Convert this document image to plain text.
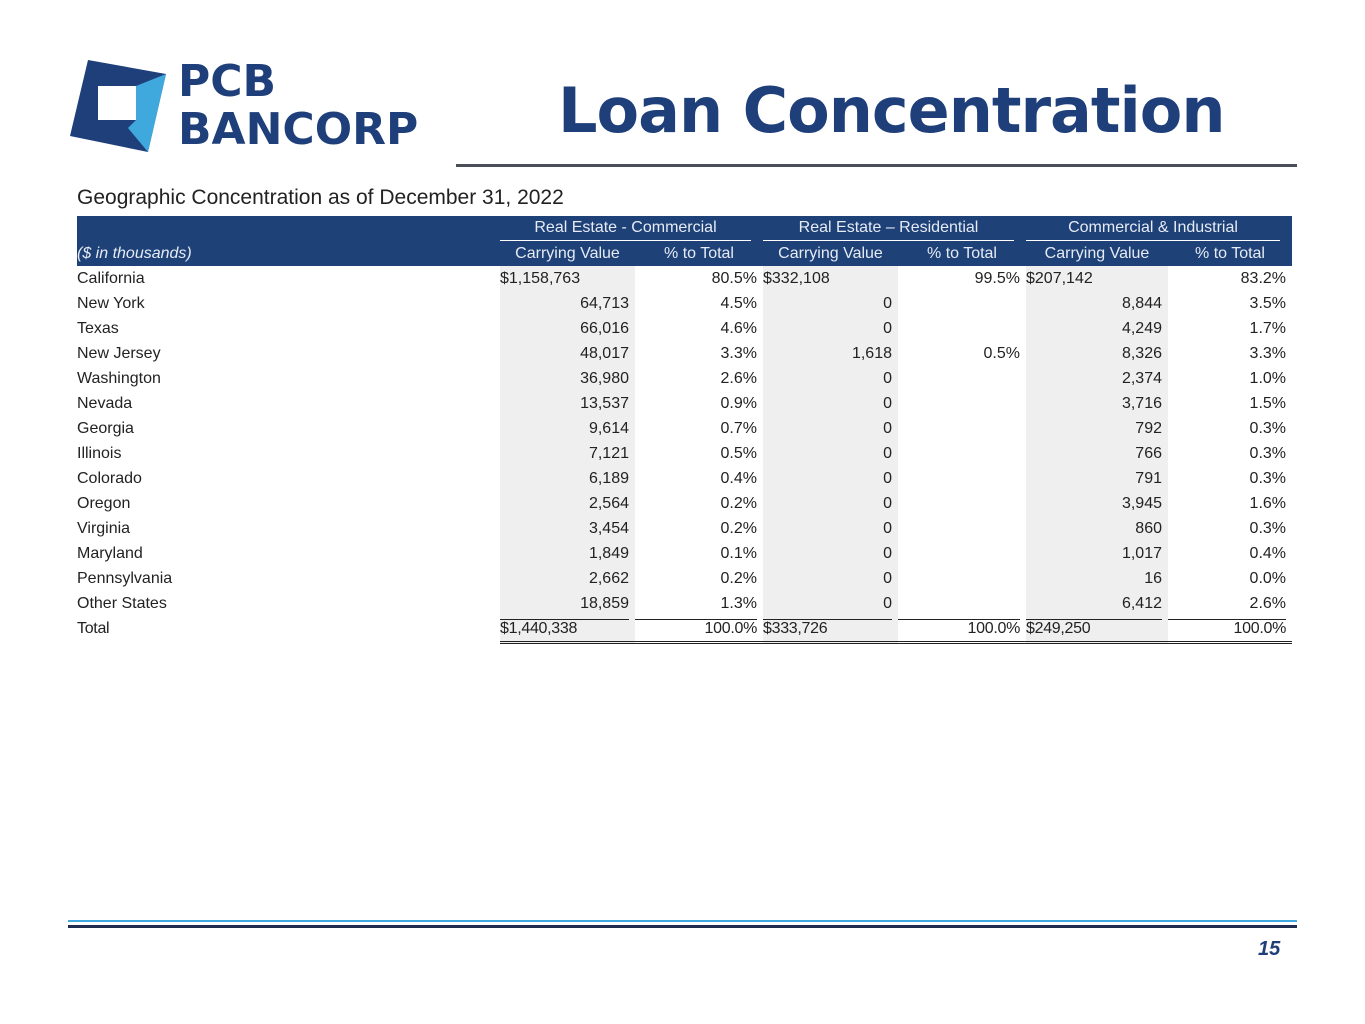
PCB
BANCORP Loan Concentration
Geographic Concentration as of December 31, 2022

	Real Estate - Commercial		Real Estate – Residential		Commercial & Industrial	

($ in thousands)	Carrying Value	% to Total	Carrying Value	% to Total	Carrying Value	% to Total
California	$ 1,158,763	80.5%	$ 332,108	99.5%	$ 207,142	83.2%
New York	64,713	4.5%	0		8,844	3.5%
Texas	66,016	4.6%	0		4,249	1.7%
New Jersey	48,017	3.3%	1,618	0.5%	8,326	3.3%
Washington	36,980	2.6%	0		2,374	1.0%
Nevada	13,537	0.9%	0		3,716	1.5%
Georgia	9,614	0.7%	0		792	0.3%
Illinois	7,121	0.5%	0		766	0.3%
Colorado	6,189	0.4%	0		791	0.3%
Oregon	2,564	0.2%	0		3,945	1.6%
Virginia	3,454	0.2%	0		860	0.3%
Maryland	1,849	0.1%	0		1,017	0.4%
Pennsylvania	2,662	0.2%	0		16	0.0%
Other States	18,859	1.3%	0		6,412	2.6%
Total	$ 1,440,338	100.0%	$ 333,726	100.0%	$ 249,250	100.0%
15
